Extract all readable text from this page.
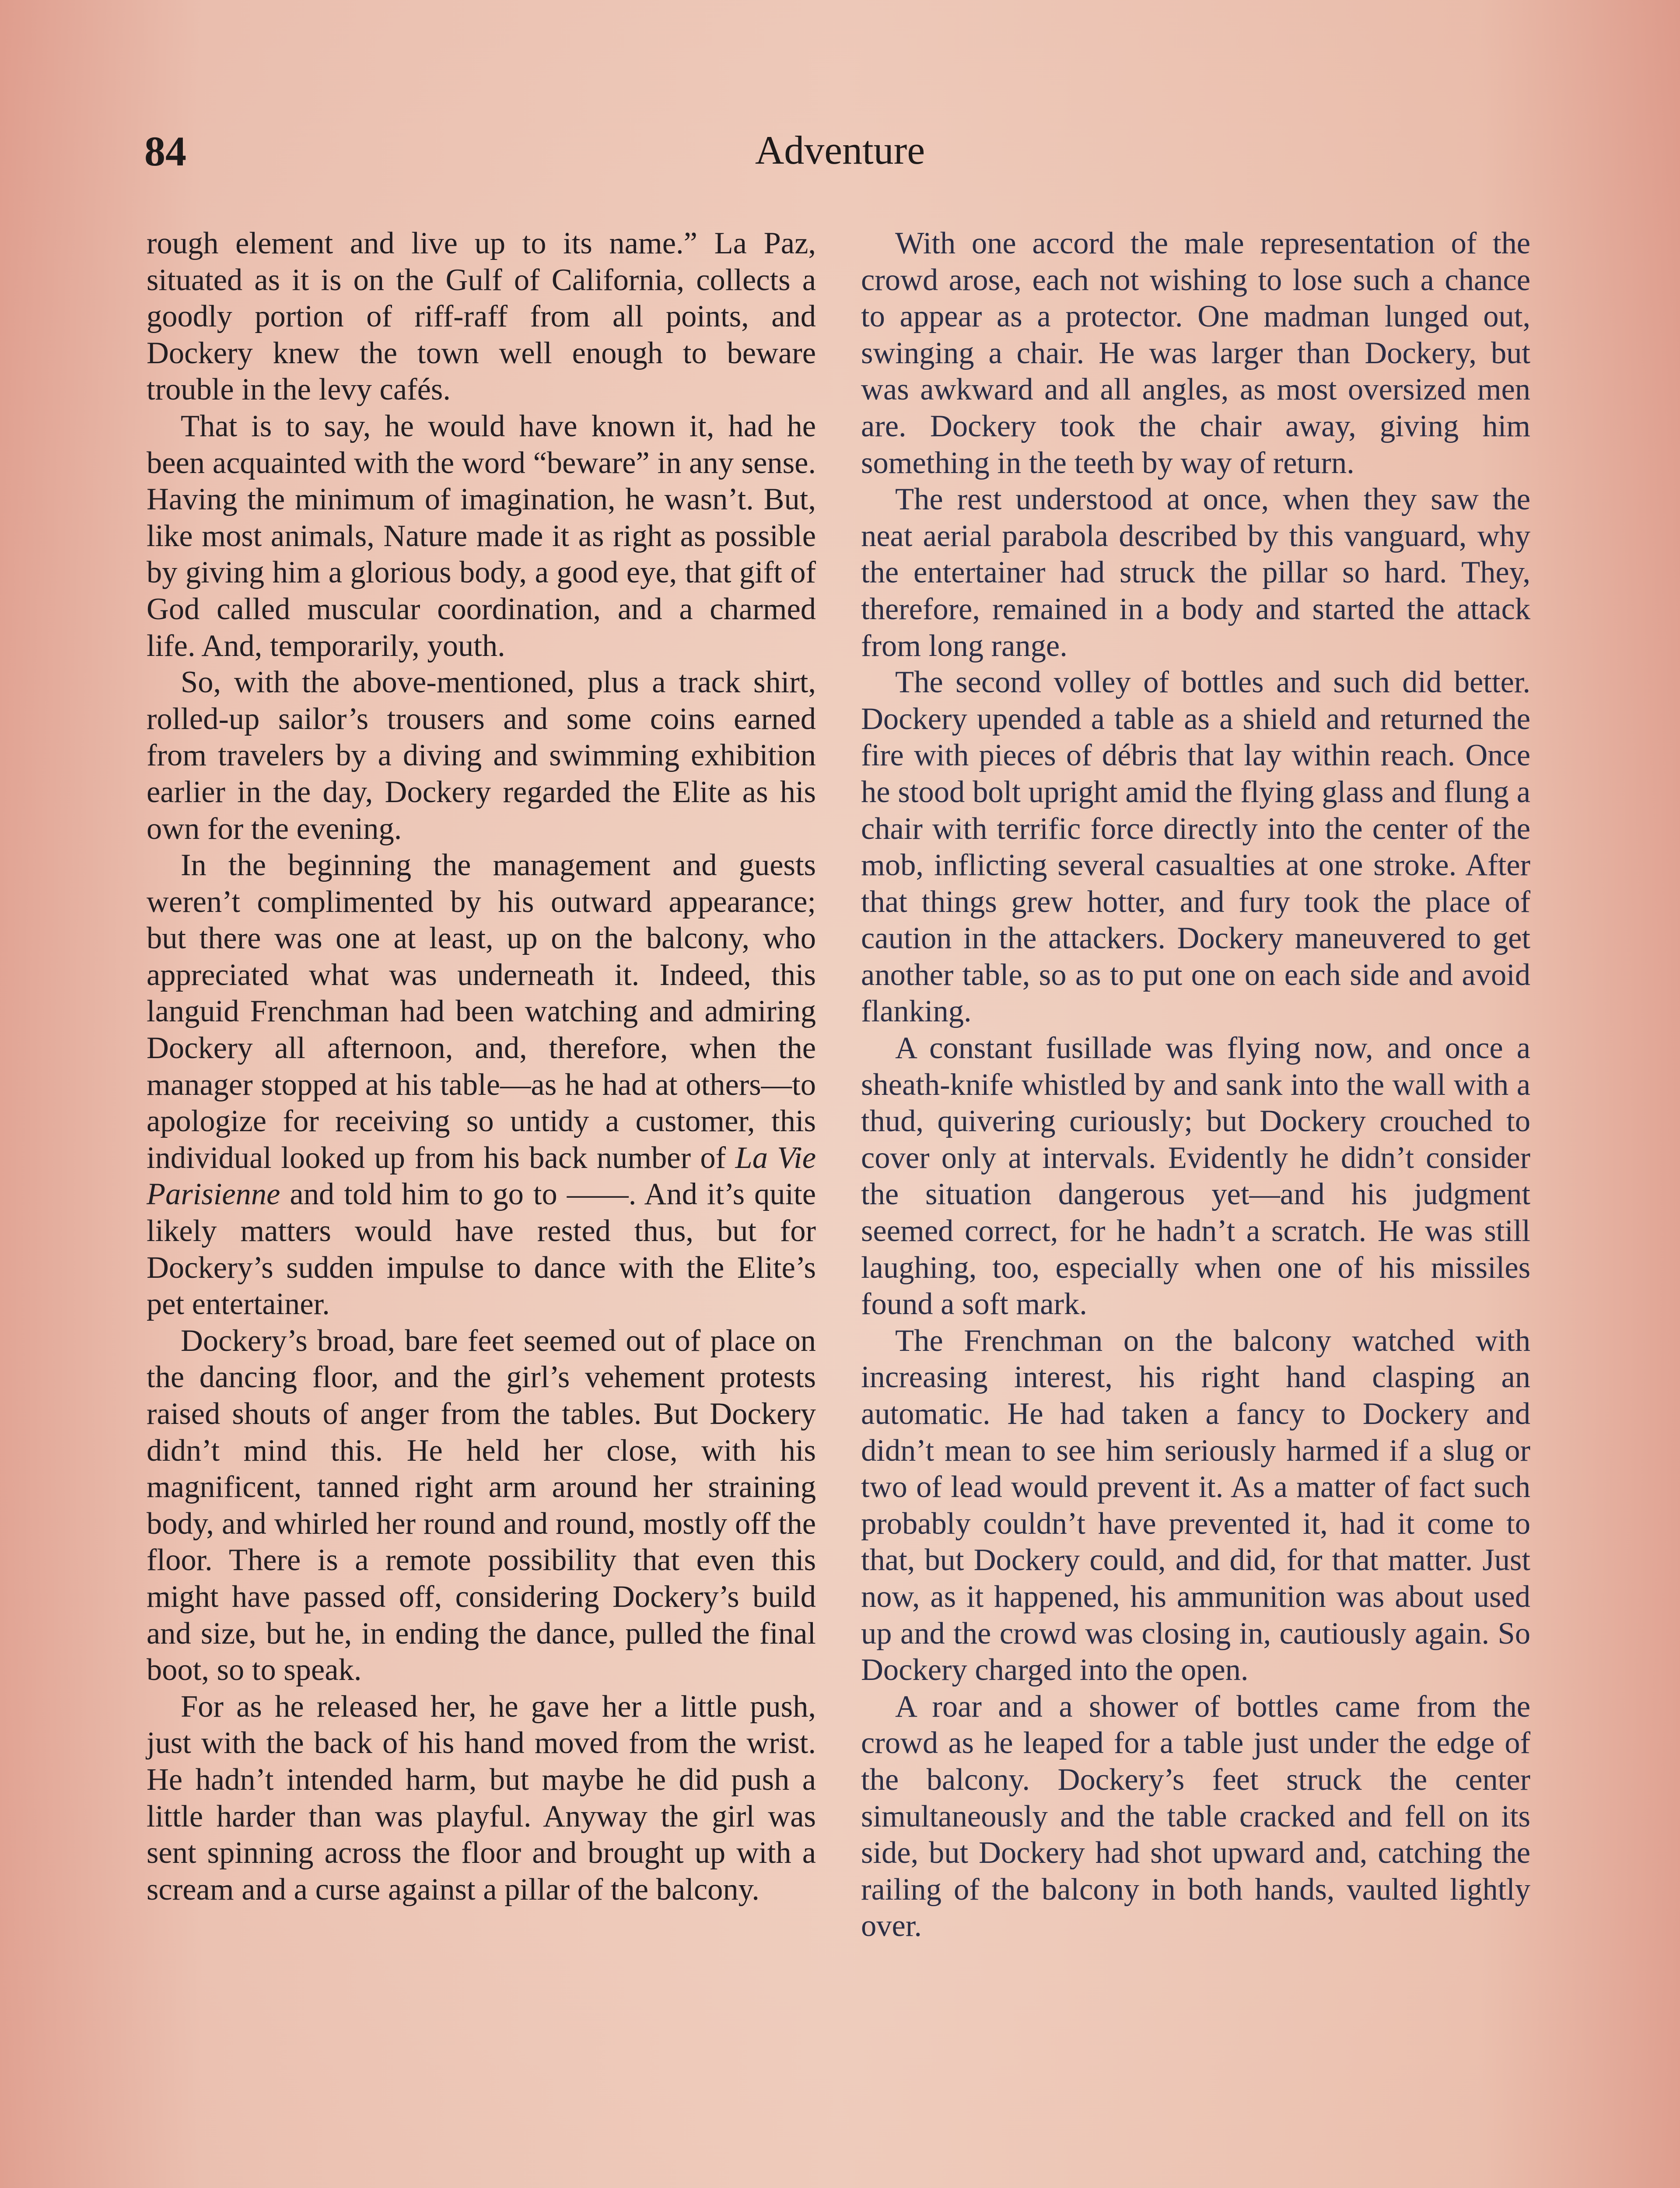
84	Adventure

rough element and live up to its name.” La Paz, situated as it is on the Gulf of California, collects a goodly portion of riff-raff from all points, and Dockery knew the town well enough to beware trouble in the levy cafés.

That is to say, he would have known it, had he been acquainted with the word “beware” in any sense. Having the minimum of imagination, he wasn’t. But, like most animals, Nature made it as right as possible by giving him a glorious body, a good eye, that gift of God called muscular coordination, and a charmed life. And, temporarily, youth.

So, with the above-mentioned, plus a track shirt, rolled-up sailor’s trousers and some coins earned from travelers by a diving and swimming exhibition earlier in the day, Dockery regarded the Elite as his own for the evening.

In the beginning the management and guests weren’t complimented by his outward appearance; but there was one at least, up on the balcony, who appreciated what was underneath it. Indeed, this languid Frenchman had been watching and admiring Dockery all afternoon, and, therefore, when the manager stopped at his table—as he had at others—to apologize for receiving so untidy a customer, this individual looked up from his back number of La Vie Parisienne and told him to go to ——. And it’s quite likely matters would have rested thus, but for Dockery’s sudden impulse to dance with the Elite’s pet entertainer.

Dockery’s broad, bare feet seemed out of place on the dancing floor, and the girl’s vehement protests raised shouts of anger from the tables. But Dockery didn’t mind this. He held her close, with his magnificent, tanned right arm around her straining body, and whirled her round and round, mostly off the floor. There is a remote possibility that even this might have passed off, considering Dockery’s build and size, but he, in ending the dance, pulled the final boot, so to speak.

For as he released her, he gave her a little push, just with the back of his hand moved from the wrist. He hadn’t intended harm, but maybe he did push a little harder than was playful. Anyway the girl was sent spinning across the floor and brought up with a scream and a curse against a pillar of the balcony.

With one accord the male representation of the crowd arose, each not wishing to lose such a chance to appear as a protector. One madman lunged out, swinging a chair. He was larger than Dockery, but was awkward and all angles, as most oversized men are. Dockery took the chair away, giving him something in the teeth by way of return.

The rest understood at once, when they saw the neat aerial parabola described by this vanguard, why the entertainer had struck the pillar so hard. They, therefore, remained in a body and started the attack from long range.

The second volley of bottles and such did better. Dockery upended a table as a shield and returned the fire with pieces of débris that lay within reach. Once he stood bolt upright amid the flying glass and flung a chair with terrific force directly into the center of the mob, inflicting several casualties at one stroke. After that things grew hotter, and fury took the place of caution in the attackers. Dockery maneuvered to get another table, so as to put one on each side and avoid flanking.

A constant fusillade was flying now, and once a sheath-knife whistled by and sank into the wall with a thud, quivering curiously; but Dockery crouched to cover only at intervals. Evidently he didn’t consider the situation dangerous yet—and his judgment seemed correct, for he hadn’t a scratch. He was still laughing, too, especially when one of his missiles found a soft mark.

The Frenchman on the balcony watched with increasing interest, his right hand clasping an automatic. He had taken a fancy to Dockery and didn’t mean to see him seriously harmed if a slug or two of lead would prevent it. As a matter of fact such probably couldn’t have prevented it, had it come to that, but Dockery could, and did, for that matter. Just now, as it happened, his ammunition was about used up and the crowd was closing in, cautiously again. So Dockery charged into the open.

A roar and a shower of bottles came from the crowd as he leaped for a table just under the edge of the balcony. Dockery’s feet struck the center simultaneously and the table cracked and fell on its side, but Dockery had shot upward and, catching the railing of the balcony in both hands, vaulted lightly over.
